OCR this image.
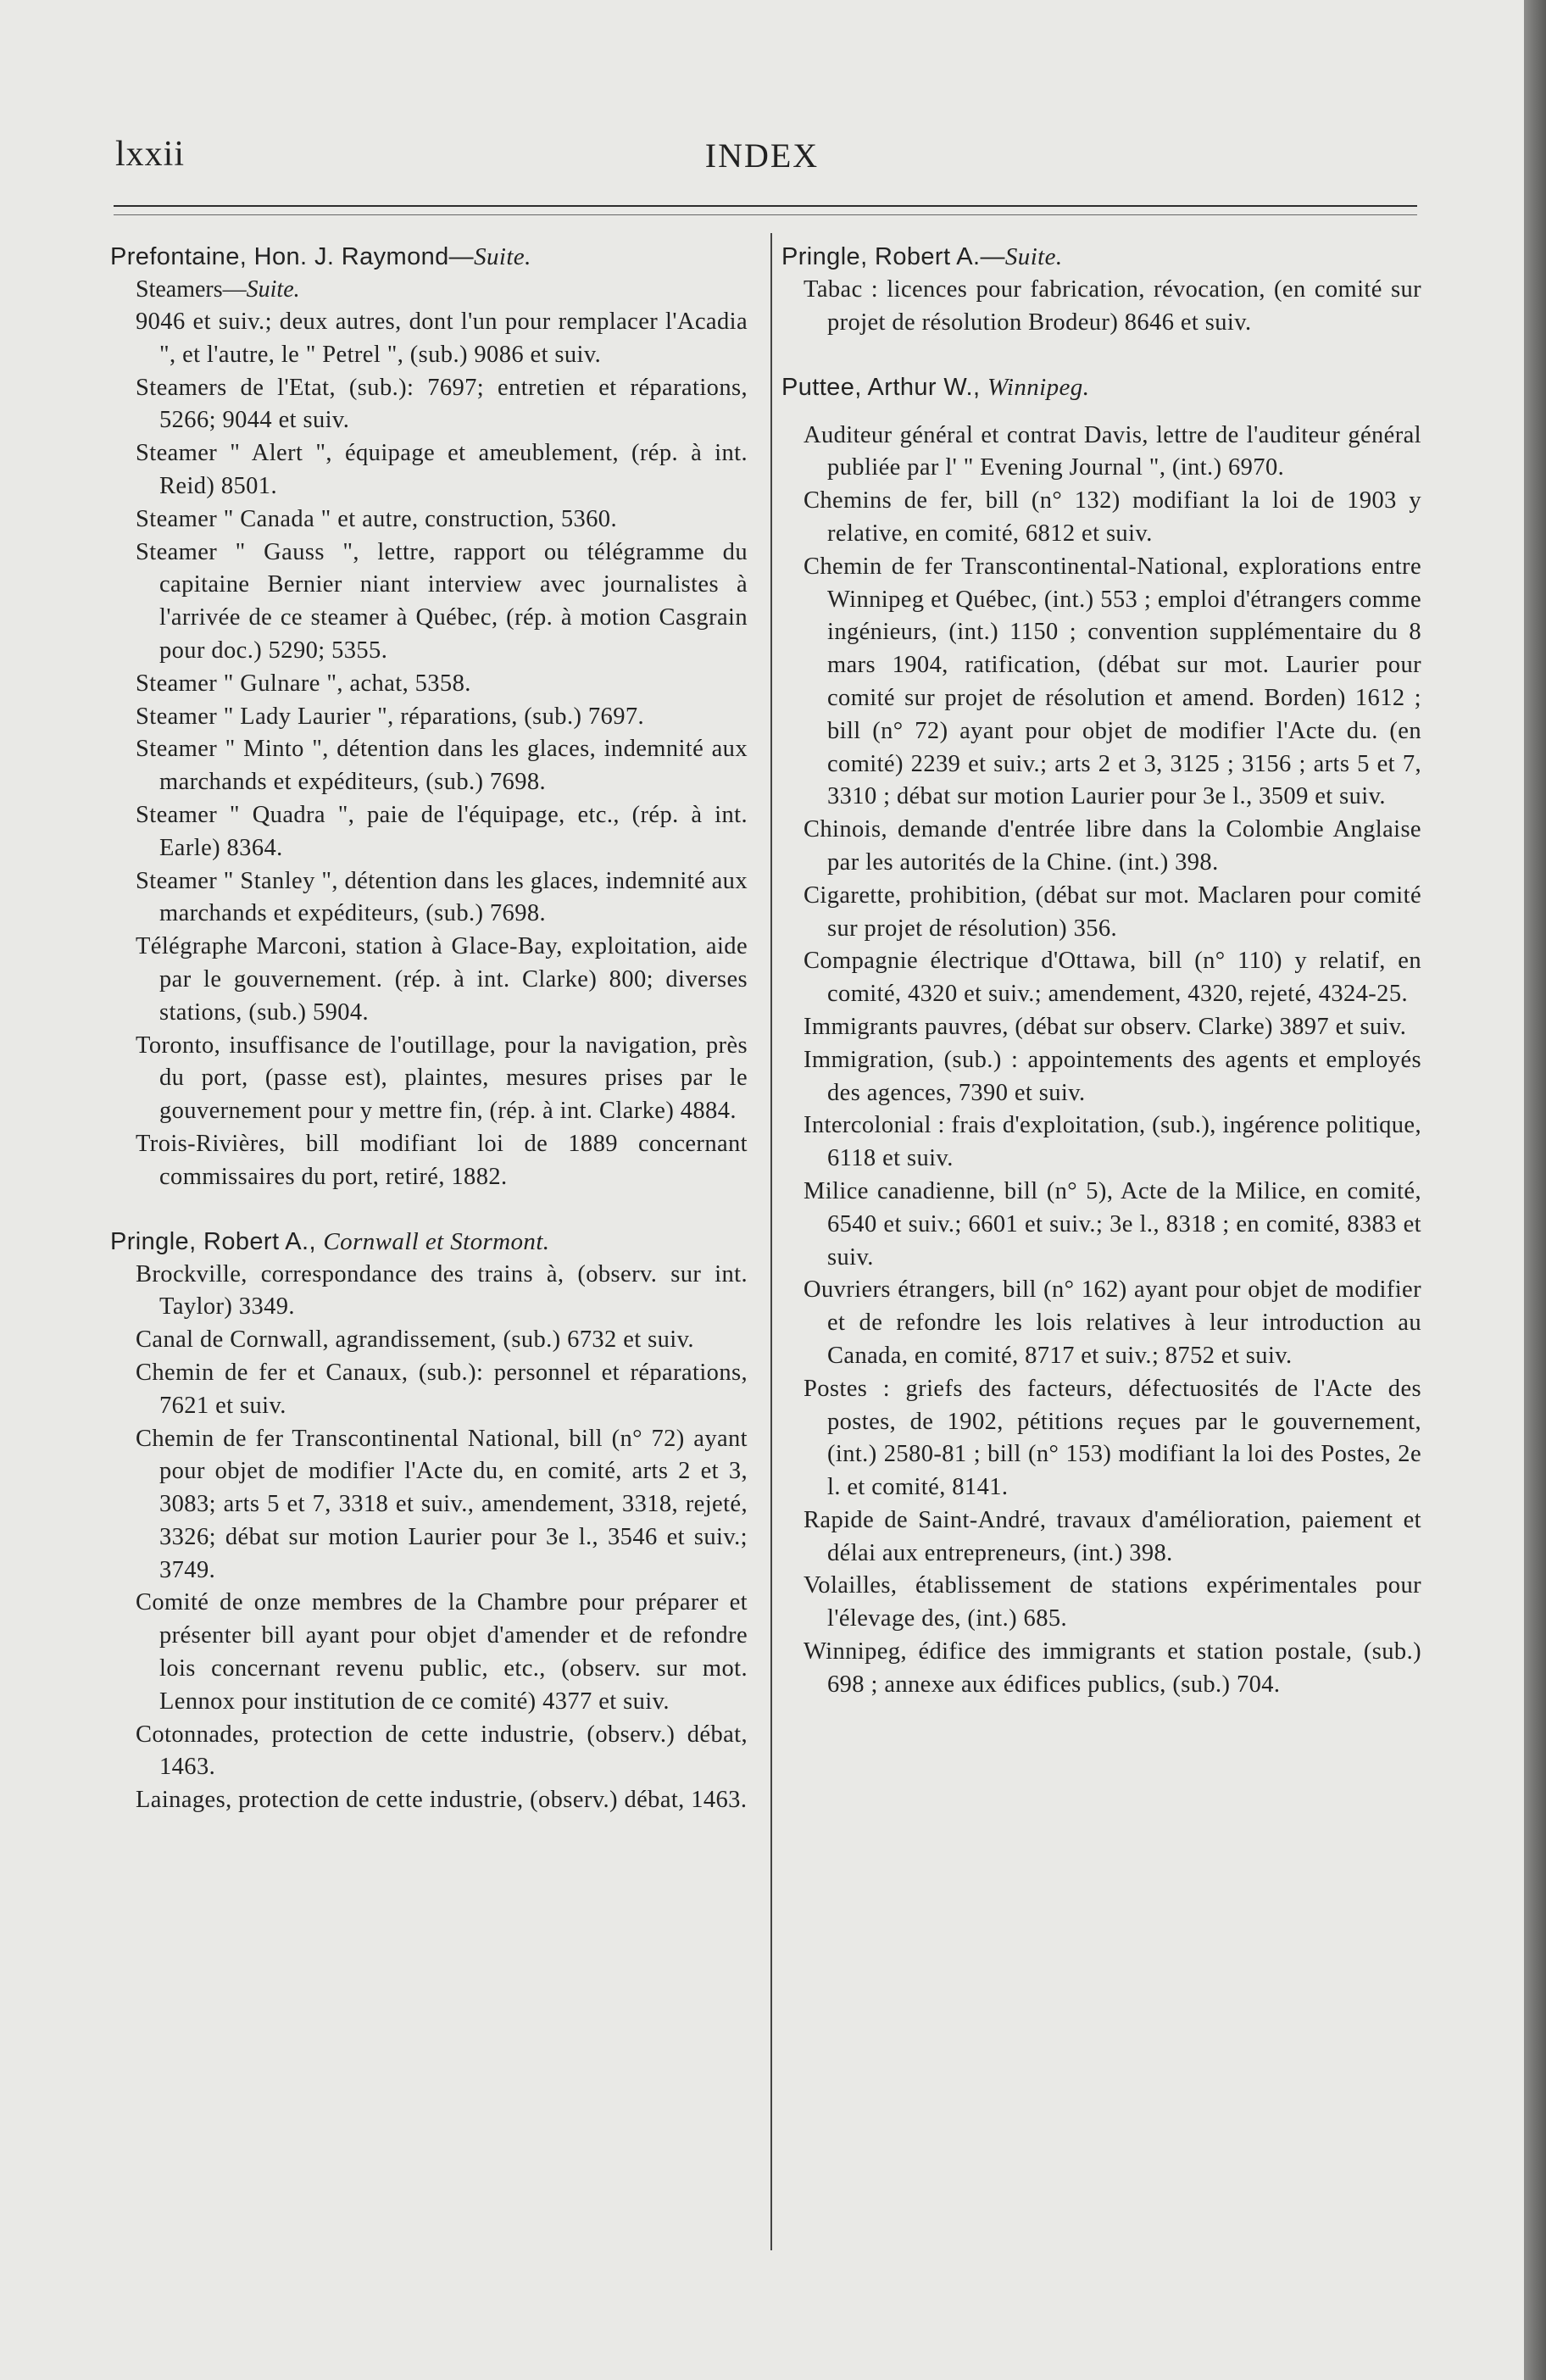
lxxii	INDEX
Prefontaine, Hon. J. Raymond—Suite.
Steamers—Suite.
9046 et suiv.; deux autres, dont l'un pour remplacer l'Acadia ", et l'autre, le " Petrel ", (sub.) 9086 et suiv.
Steamers de l'Etat, (sub.): 7697; entretien et réparations, 5266; 9044 et suiv.
Steamer " Alert ", équipage et ameublement, (rép. à int. Reid) 8501.
Steamer " Canada " et autre, construction, 5360.
Steamer " Gauss ", lettre, rapport ou télégramme du capitaine Bernier niant interview avec journalistes à l'arrivée de ce steamer à Québec, (rép. à motion Casgrain pour doc.) 5290; 5355.
Steamer " Gulnare ", achat, 5358.
Steamer " Lady Laurier ", réparations, (sub.) 7697.
Steamer " Minto ", détention dans les glaces, indemnité aux marchands et expéditeurs, (sub.) 7698.
Steamer " Quadra ", paie de l'équipage, etc., (rép. à int. Earle) 8364.
Steamer " Stanley ", détention dans les glaces, indemnité aux marchands et expéditeurs, (sub.) 7698.
Télégraphe Marconi, station à Glace-Bay, exploitation, aide par le gouvernement. (rép. à int. Clarke) 800; diverses stations, (sub.) 5904.
Toronto, insuffisance de l'outillage, pour la navigation, près du port, (passe est), plaintes, mesures prises par le gouvernement pour y mettre fin, (rép. à int. Clarke) 4884.
Trois-Rivières, bill modifiant loi de 1889 concernant commissaires du port, retiré, 1882.
Pringle, Robert A., Cornwall et Stormont.
Brockville, correspondance des trains à, (observ. sur int. Taylor) 3349.
Canal de Cornwall, agrandissement, (sub.) 6732 et suiv.
Chemin de fer et Canaux, (sub.): personnel et réparations, 7621 et suiv.
Chemin de fer Transcontinental National, bill (n° 72) ayant pour objet de modifier l'Acte du, en comité, arts 2 et 3, 3083; arts 5 et 7, 3318 et suiv., amendement, 3318, rejeté, 3326; débat sur motion Laurier pour 3e l., 3546 et suiv.; 3749.
Comité de onze membres de la Chambre pour préparer et présenter bill ayant pour objet d'amender et de refondre lois concernant revenu public, etc., (observ. sur mot. Lennox pour institution de ce comité) 4377 et suiv.
Cotonnades, protection de cette industrie, (observ.) débat, 1463.
Lainages, protection de cette industrie, (observ.) débat, 1463.
Pringle, Robert A.—Suite.
Tabac : licences pour fabrication, révocation, (en comité sur projet de résolution Brodeur) 8646 et suiv.
Puttee, Arthur W., Winnipeg.
Auditeur général et contrat Davis, lettre de l'auditeur général publiée par l' " Evening Journal ", (int.) 6970.
Chemins de fer, bill (n° 132) modifiant la loi de 1903 y relative, en comité, 6812 et suiv.
Chemin de fer Transcontinental-National, explorations entre Winnipeg et Québec, (int.) 553 ; emploi d'étrangers comme ingénieurs, (int.) 1150 ; convention supplémentaire du 8 mars 1904, ratification, (débat sur mot. Laurier pour comité sur projet de résolution et amend. Borden) 1612 ; bill (n° 72) ayant pour objet de modifier l'Acte du. (en comité) 2239 et suiv.; arts 2 et 3, 3125 ; 3156 ; arts 5 et 7, 3310 ; débat sur motion Laurier pour 3e l., 3509 et suiv.
Chinois, demande d'entrée libre dans la Colombie Anglaise par les autorités de la Chine. (int.) 398.
Cigarette, prohibition, (débat sur mot. Maclaren pour comité sur projet de résolution) 356.
Compagnie électrique d'Ottawa, bill (n° 110) y relatif, en comité, 4320 et suiv.; amendement, 4320, rejeté, 4324-25.
Immigrants pauvres, (débat sur observ. Clarke) 3897 et suiv.
Immigration, (sub.) : appointements des agents et employés des agences, 7390 et suiv.
Intercolonial : frais d'exploitation, (sub.), ingérence politique, 6118 et suiv.
Milice canadienne, bill (n° 5), Acte de la Milice, en comité, 6540 et suiv.; 6601 et suiv.; 3e l., 8318 ; en comité, 8383 et suiv.
Ouvriers étrangers, bill (n° 162) ayant pour objet de modifier et de refondre les lois relatives à leur introduction au Canada, en comité, 8717 et suiv.; 8752 et suiv.
Postes : griefs des facteurs, défectuosités de l'Acte des postes, de 1902, pétitions reçues par le gouvernement, (int.) 2580-81 ; bill (n° 153) modifiant la loi des Postes, 2e l. et comité, 8141.
Rapide de Saint-André, travaux d'amélioration, paiement et délai aux entrepreneurs, (int.) 398.
Volailles, établissement de stations expérimentales pour l'élevage des, (int.) 685.
Winnipeg, édifice des immigrants et station postale, (sub.) 698 ; annexe aux édifices publics, (sub.) 704.
